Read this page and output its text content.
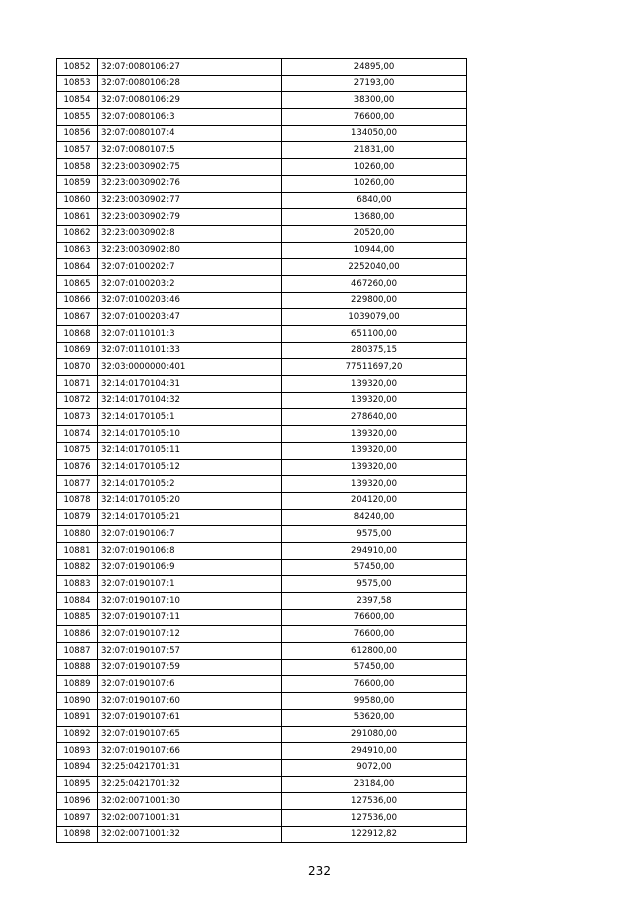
10852	32:07:0080106:27	24895,00
10853	32:07:0080106:28	27193,00
10854	32:07:0080106:29	38300,00
10855	32:07:0080106:3	76600,00
10856	32:07:0080107:4	134050,00
10857	32:07:0080107:5	21831,00
10858	32:23:0030902:75	10260,00
10859	32:23:0030902:76	10260,00
10860	32:23:0030902:77	6840,00
10861	32:23:0030902:79	13680,00
10862	32:23:0030902:8	20520,00
10863	32:23:0030902:80	10944,00
10864	32:07:0100202:7	2252040,00
10865	32:07:0100203:2	467260,00
10866	32:07:0100203:46	229800,00
10867	32:07:0100203:47	1039079,00
10868	32:07:0110101:3	651100,00
10869	32:07:0110101:33	280375,15
10870	32:03:0000000:401	77511697,20
10871	32:14:0170104:31	139320,00
10872	32:14:0170104:32	139320,00
10873	32:14:0170105:1	278640,00
10874	32:14:0170105:10	139320,00
10875	32:14:0170105:11	139320,00
10876	32:14:0170105:12	139320,00
10877	32:14:0170105:2	139320,00
10878	32:14:0170105:20	204120,00
10879	32:14:0170105:21	84240,00
10880	32:07:0190106:7	9575,00
10881	32:07:0190106:8	294910,00
10882	32:07:0190106:9	57450,00
10883	32:07:0190107:1	9575,00
10884	32:07:0190107:10	2397,58
10885	32:07:0190107:11	76600,00
10886	32:07:0190107:12	76600,00
10887	32:07:0190107:57	612800,00
10888	32:07:0190107:59	57450,00
10889	32:07:0190107:6	76600,00
10890	32:07:0190107:60	99580,00
10891	32:07:0190107:61	53620,00
10892	32:07:0190107:65	291080,00
10893	32:07:0190107:66	294910,00
10894	32:25:0421701:31	9072,00
10895	32:25:0421701:32	23184,00
10896	32:02:0071001:30	127536,00
10897	32:02:0071001:31	127536,00
10898	32:02:0071001:32	122912,82
232
